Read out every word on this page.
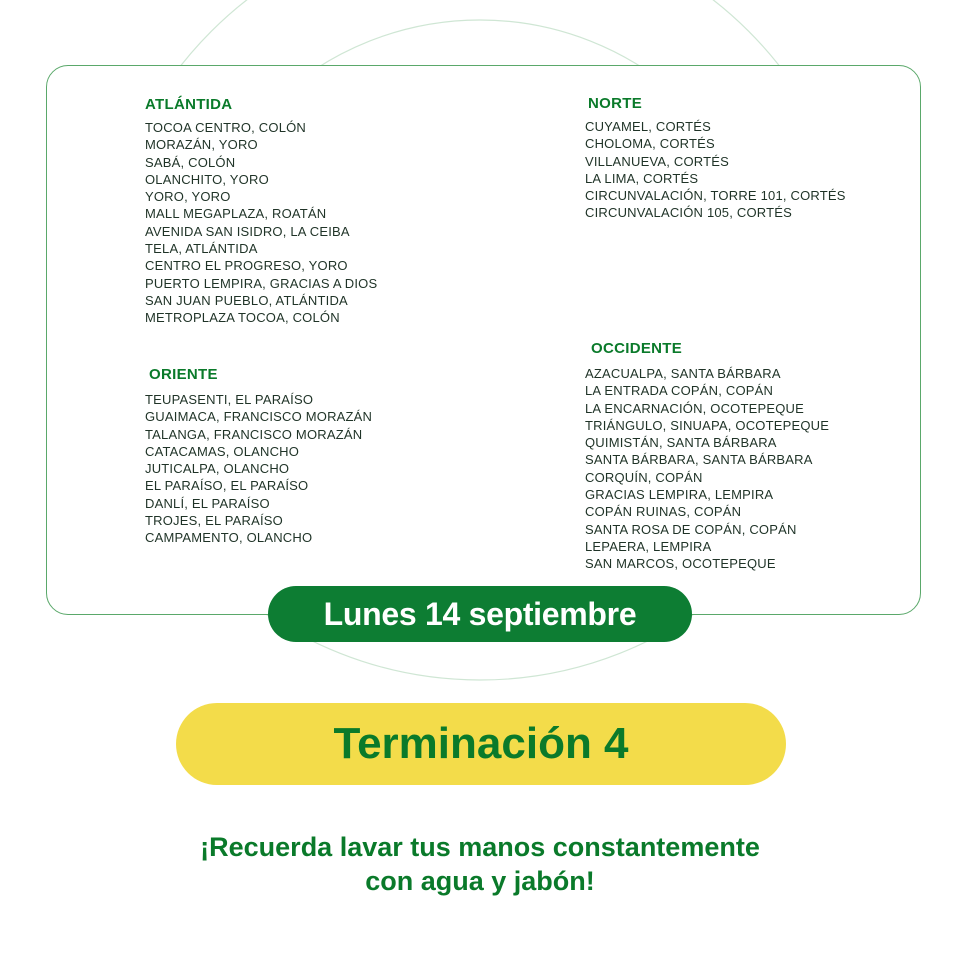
ATLÁNTIDA
TOCOA CENTRO, COLÓN
MORAZÁN, YORO
SABÁ, COLÓN
OLANCHITO, YORO
YORO, YORO
MALL MEGAPLAZA, ROATÁN
AVENIDA SAN ISIDRO, LA CEIBA
TELA, ATLÁNTIDA
CENTRO EL PROGRESO, YORO
PUERTO LEMPIRA, GRACIAS A DIOS
SAN JUAN PUEBLO, ATLÁNTIDA
METROPLAZA TOCOA, COLÓN
NORTE
CUYAMEL, CORTÉS
CHOLOMA, CORTÉS
VILLANUEVA, CORTÉS
LA LIMA, CORTÉS
CIRCUNVALACIÓN, TORRE 101, CORTÉS
CIRCUNVALACIÓN 105, CORTÉS
ORIENTE
TEUPASENTI, EL PARAÍSO
GUAIMACA, FRANCISCO MORAZÁN
TALANGA, FRANCISCO MORAZÁN
CATACAMAS, OLANCHO
JUTICALPA, OLANCHO
EL PARAÍSO, EL PARAÍSO
DANLÍ, EL PARAÍSO
TROJES, EL PARAÍSO
CAMPAMENTO, OLANCHO
OCCIDENTE
AZACUALPA, SANTA BÁRBARA
LA ENTRADA COPÁN, COPÁN
LA ENCARNACIÓN, OCOTEPEQUE
TRIÁNGULO, SINUAPA, OCOTEPEQUE
QUIMISTÁN, SANTA BÁRBARA
SANTA BÁRBARA, SANTA BÁRBARA
CORQUÍN, COPÁN
GRACIAS LEMPIRA, LEMPIRA
COPÁN RUINAS, COPÁN
SANTA ROSA DE COPÁN, COPÁN
LEPAERA, LEMPIRA
SAN MARCOS, OCOTEPEQUE
Lunes 14 septiembre
Terminación 4
¡Recuerda lavar tus manos constantemente
con agua y jabón!
